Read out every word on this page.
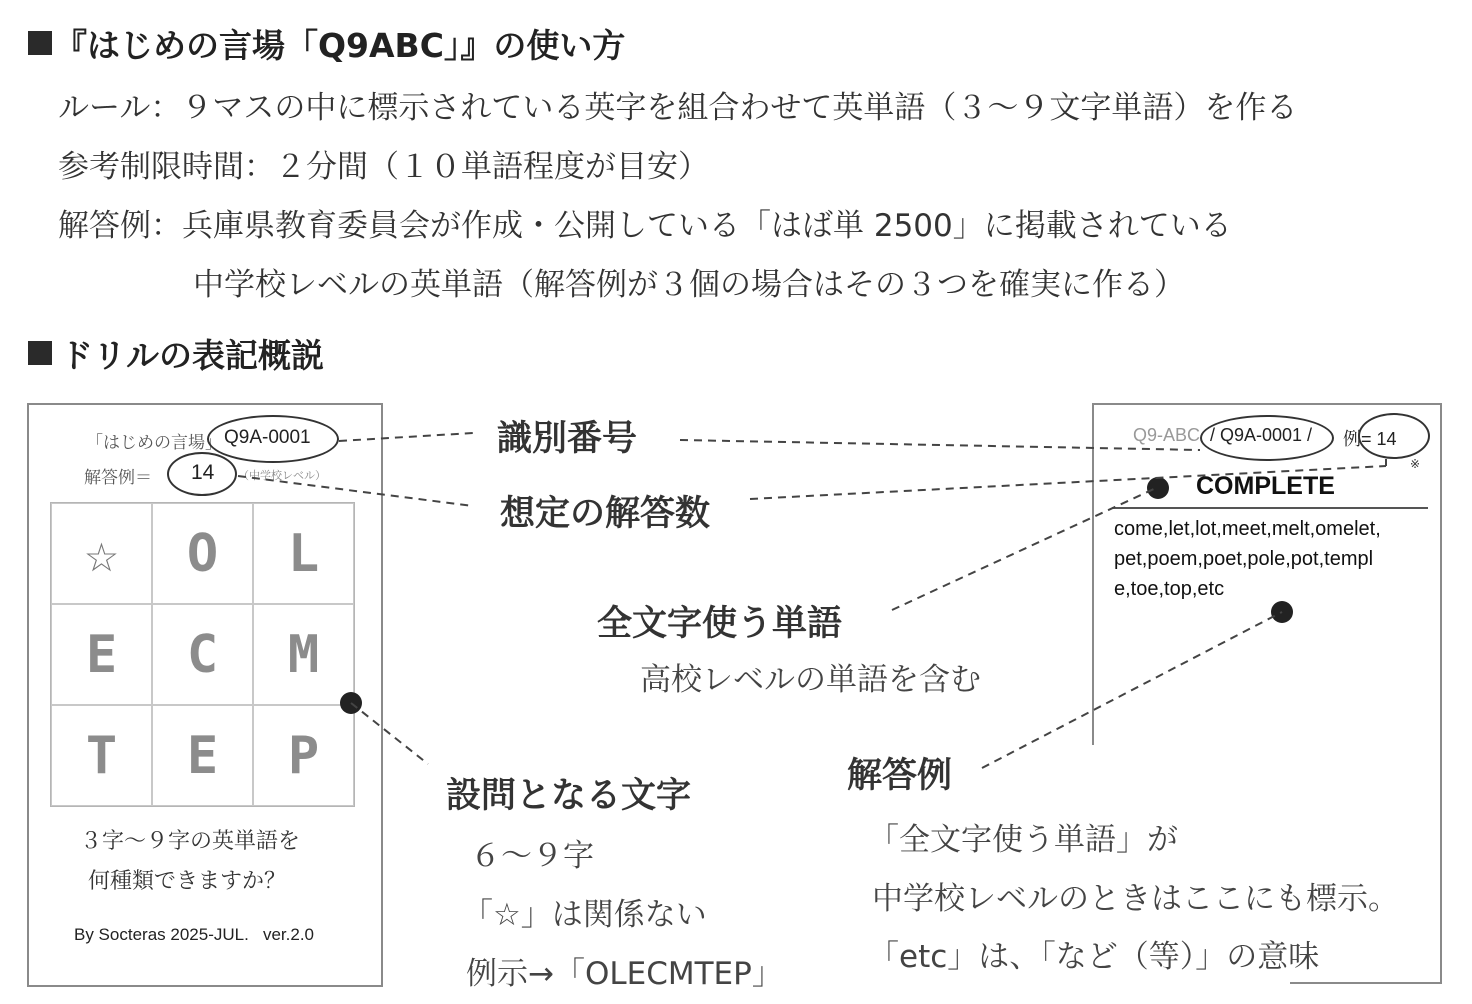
『はじめの言場「Q9ABC」』の使い方
ルール：９マスの中に標示されている英字を組合わせて英単語（３～９文字単語）を作る
参考制限時間：２分間（１０単語程度が目安）
解答例：兵庫県教育委員会が作成・公開している「はば単 2500」に掲載されている
中学校レベルの英単語（解答例が３個の場合はその３つを確実に作る）
ドリルの表記概説
「はじめの言場」 Q9A-0001
解答例＝ 14 （中学校レベル）
☆	O	L
E	C	M
T	E	P
３字～９字の英単語を
何種類できますか？
By Socteras 2025-JUL.   ver.2.0
Q9-ABC / Q9A-0001 / 例= 14
※
COMPLETE
come,let,lot,meet,melt,omelet,
pet,poem,poet,pole,pot,templ
e,toe,top,etc
識別番号
想定の解答数
全文字使う単語
高校レベルの単語を含む
設問となる文字
６～９字
「☆」は関係ない
例示→「OLECMTEP」
解答例
「全文字使う単語」が
中学校レベルのときはここにも標示。
「etc」は、「など（等）」の意味
